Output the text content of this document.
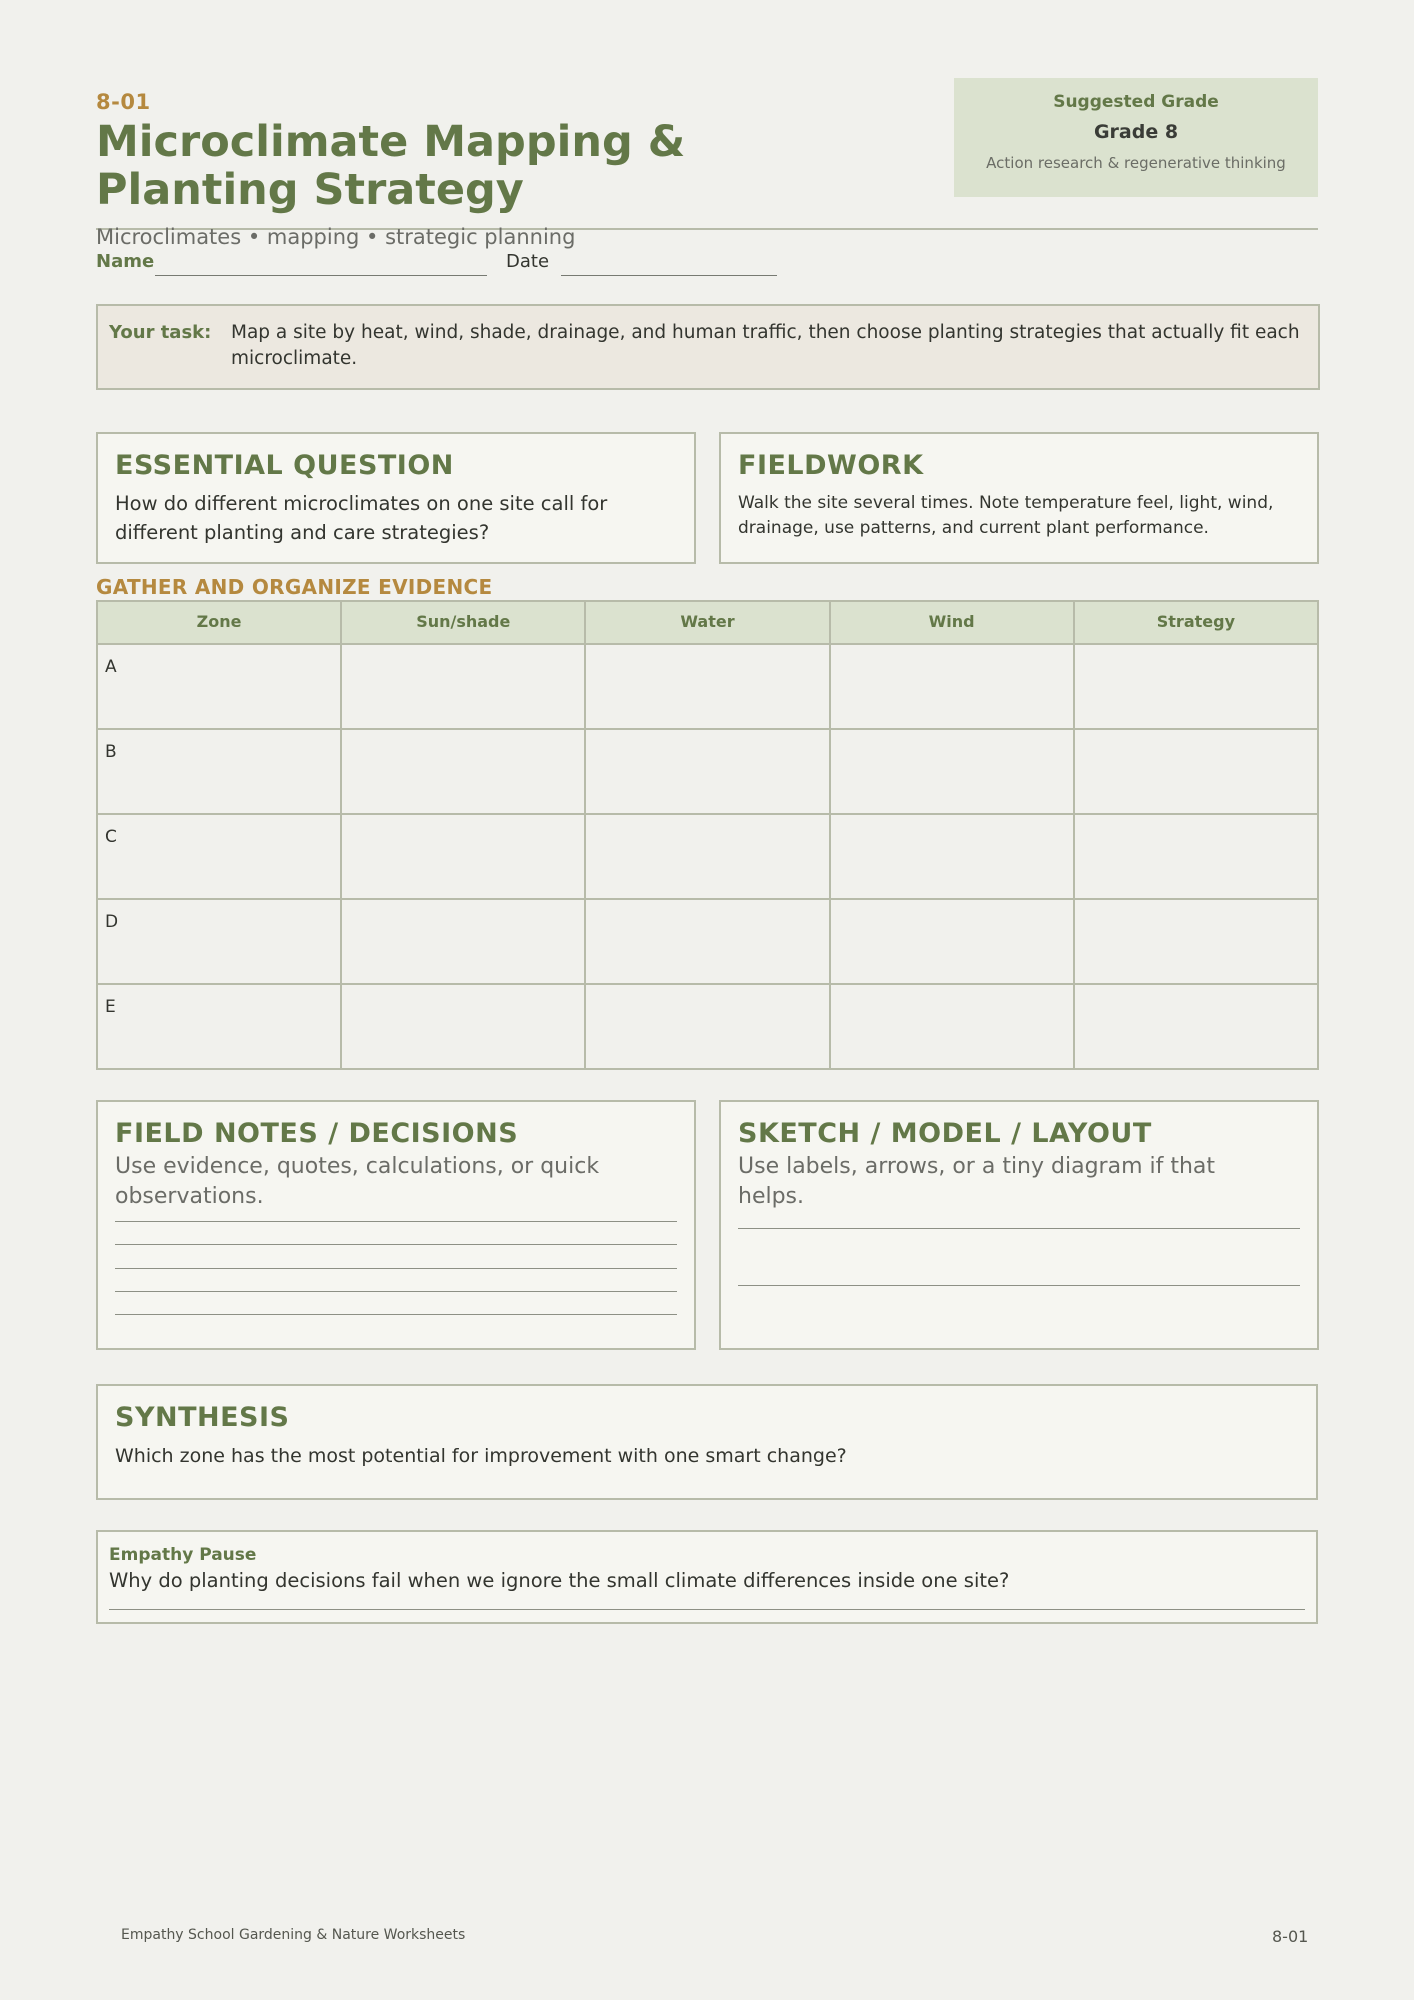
8-01
Microclimate Mapping &
Planting Strategy
Suggested Grade
Grade 8
Action research & regenerative thinking
Microclimates • mapping • strategic planning
Name	Date
Your task: Map a site by heat, wind, shade, drainage, and human traffic, then choose planting strategies that actually fit each microclimate.
ESSENTIAL QUESTION
How do different microclimates on one site call for different planting and care strategies?
FIELDWORK
Walk the site several times. Note temperature feel, light, wind, drainage, use patterns, and current plant performance.
GATHER AND ORGANIZE EVIDENCE
Zone	Sun/shade	Water	Wind	Strategy
A				
B				
C				
D				
E				
FIELD NOTES / DECISIONS
Use evidence, quotes, calculations, or quick observations.
SKETCH / MODEL / LAYOUT
Use labels, arrows, or a tiny diagram if that helps.
SYNTHESIS
Which zone has the most potential for improvement with one smart change?
Empathy Pause
Why do planting decisions fail when we ignore the small climate differences inside one site?
Empathy School Gardening & Nature Worksheets	8-01
